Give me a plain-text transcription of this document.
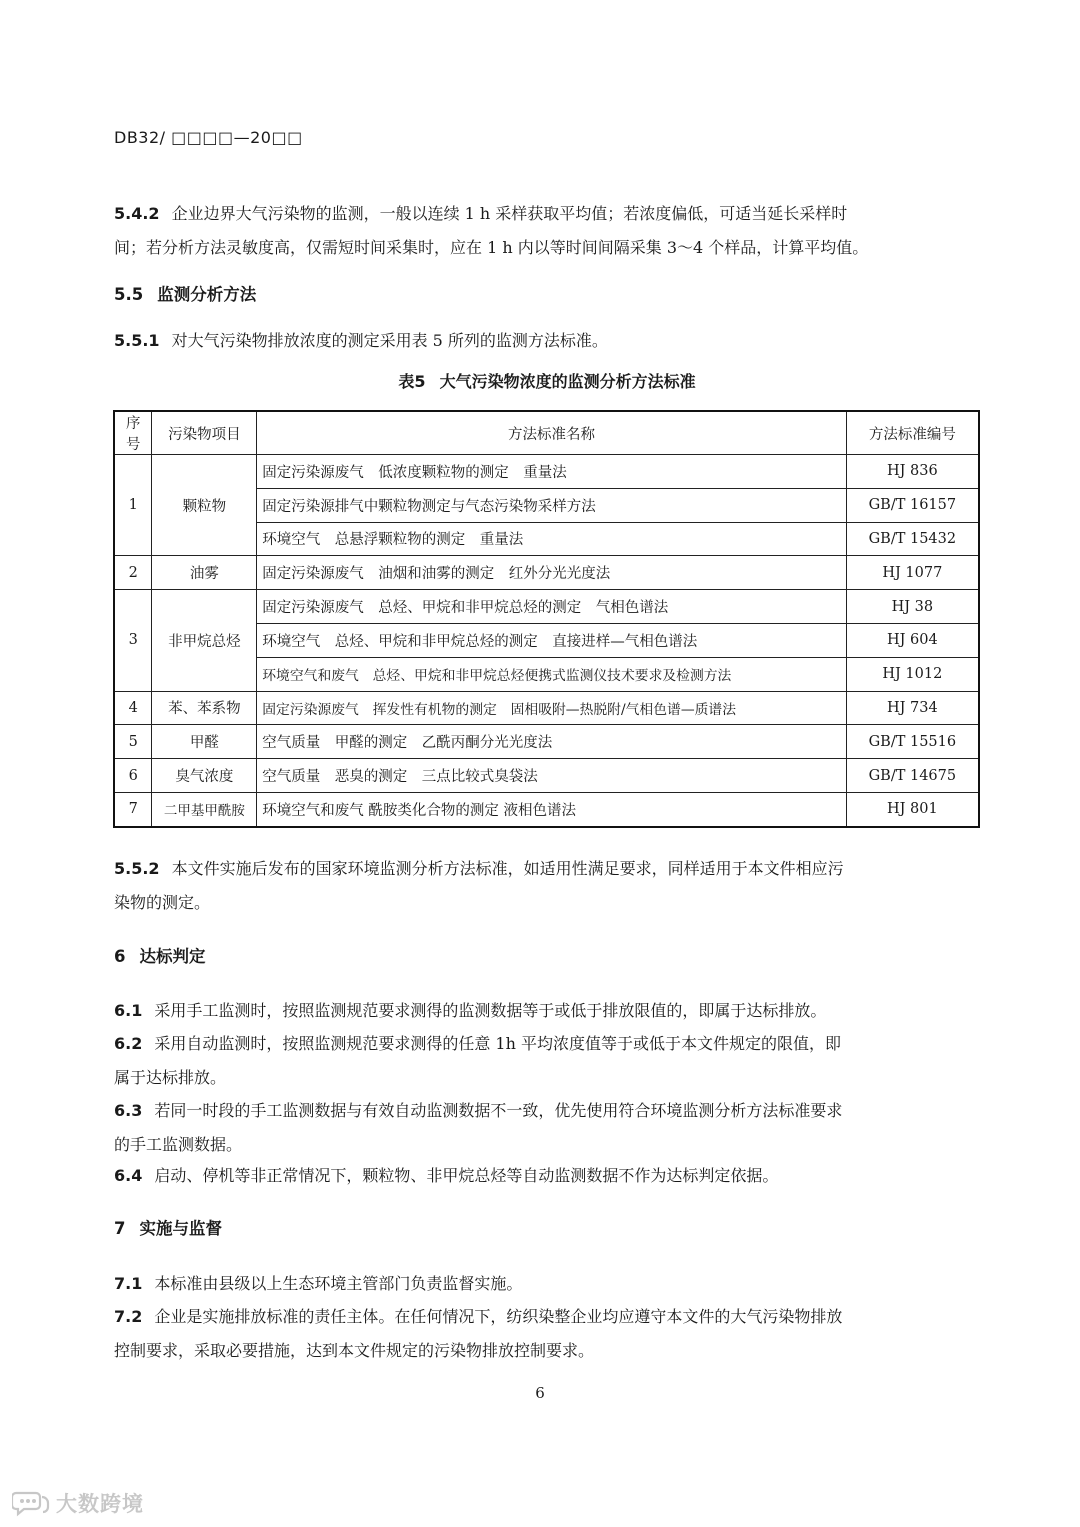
DB32/ □□□□—20□□
5.4.2 企业边界大气污染物的监测，一般以连续 1 h 采样获取平均值；若浓度偏低，可适当延长采样时
间；若分析方法灵敏度高，仅需短时间采集时，应在 1 h 内以等时间间隔采集 3～4 个样品，计算平均值。
5.5 监测分析方法
5.5.1 对大气污染物排放浓度的测定采用表 5 所列的监测方法标准。
表5 大气污染物浓度的监测分析方法标准
序号	污染物项目	方法标准名称	方法标准编号
1	颗粒物	固定污染源废气　低浓度颗粒物的测定　重量法	HJ 836
		固定污染源排气中颗粒物测定与气态污染物采样方法	GB/T 16157
		环境空气　总悬浮颗粒物的测定　重量法	GB/T 15432
2	油雾	固定污染源废气　油烟和油雾的测定　红外分光光度法	HJ 1077
3	非甲烷总烃	固定污染源废气　总烃、甲烷和非甲烷总烃的测定　气相色谱法	HJ 38
		环境空气　总烃、甲烷和非甲烷总烃的测定　直接进样—气相色谱法	HJ 604
		环境空气和废气　总烃、甲烷和非甲烷总烃便携式监测仪技术要求及检测方法	HJ 1012
4	苯、苯系物	固定污染源废气　挥发性有机物的测定　固相吸附—热脱附/气相色谱—质谱法	HJ 734
5	甲醛	空气质量　甲醛的测定　乙酰丙酮分光光度法	GB/T 15516
6	臭气浓度	空气质量　恶臭的测定　三点比较式臭袋法	GB/T 14675
7	二甲基甲酰胺	环境空气和废气 酰胺类化合物的测定 液相色谱法	HJ 801
5.5.2 本文件实施后发布的国家环境监测分析方法标准，如适用性满足要求，同样适用于本文件相应污
染物的测定。
6 达标判定
6.1 采用手工监测时，按照监测规范要求测得的监测数据等于或低于排放限值的，即属于达标排放。
6.2 采用自动监测时，按照监测规范要求测得的任意 1h 平均浓度值等于或低于本文件规定的限值，即
属于达标排放。
6.3 若同一时段的手工监测数据与有效自动监测数据不一致，优先使用符合环境监测分析方法标准要求
的手工监测数据。
6.4 启动、停机等非正常情况下，颗粒物、非甲烷总烃等自动监测数据不作为达标判定依据。
7 实施与监督
7.1 本标准由县级以上生态环境主管部门负责监督实施。
7.2 企业是实施排放标准的责任主体。在任何情况下，纺织染整企业均应遵守本文件的大气污染物排放
控制要求，采取必要措施，达到本文件规定的污染物排放控制要求。
6
大数跨境
